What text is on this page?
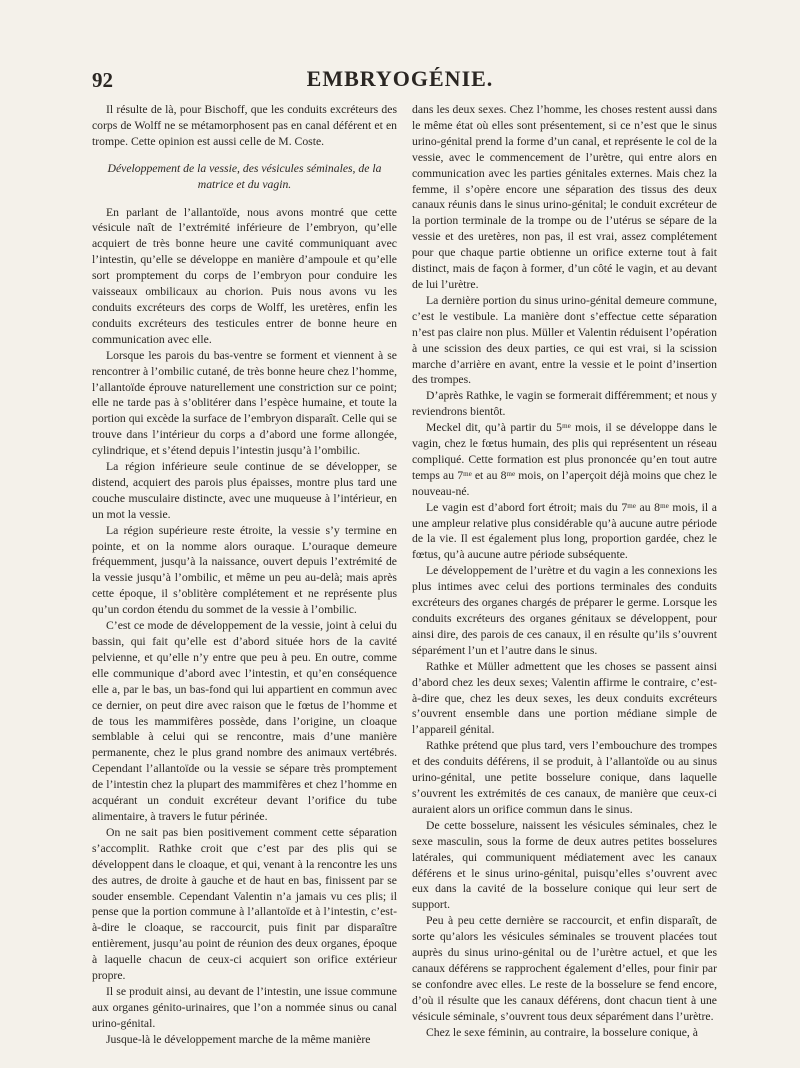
92	EMBRYOGÉNIE.

Il résulte de là, pour Bischoff, que les conduits excréteurs des corps de Wolff ne se métamorphosent pas en canal déférent et en trompe. Cette opinion est aussi celle de M. Coste.

Développement de la vessie, des vésicules séminales, de la matrice et du vagin.

En parlant de l’allantoïde, nous avons montré que cette vésicule naît de l’extrémité inférieure de l’embryon, qu’elle acquiert de très bonne heure une cavité communiquant avec l’intestin, qu’elle se développe en manière d’ampoule et qu’elle sort promptement du corps de l’embryon pour conduire les vaisseaux ombilicaux au chorion. Puis nous avons vu les conduits excréteurs des corps de Wolff, les uretères, enfin les conduits excréteurs des testicules entrer de bonne heure en communication avec elle.

Lorsque les parois du bas-ventre se forment et viennent à se rencontrer à l’ombilic cutané, de très bonne heure chez l’homme, l’allantoïde éprouve naturellement une constriction sur ce point; elle ne tarde pas à s’oblitérer dans l’espèce humaine, et toute la portion qui excède la surface de l’embryon disparaît. Celle qui se trouve dans l’intérieur du corps a d’abord une forme allongée, cylindrique, et s’étend depuis l’intestin jusqu’à l’ombilic.

La région inférieure seule continue de se développer, se distend, acquiert des parois plus épaisses, montre plus tard une couche musculaire distincte, avec une muqueuse à l’intérieur, en un mot la vessie.

La région supérieure reste étroite, la vessie s’y termine en pointe, et on la nomme alors ouraque. L’ouraque demeure fréquemment, jusqu’à la naissance, ouvert depuis l’extrémité de la vessie jusqu’à l’ombilic, et même un peu au-delà; mais après cette époque, il s’oblitère complétement et ne représente plus qu’un cordon étendu du sommet de la vessie à l’ombilic.

C’est ce mode de développement de la vessie, joint à celui du bassin, qui fait qu’elle est d’abord située hors de la cavité pelvienne, et qu’elle n’y entre que peu à peu. En outre, comme elle communique d’abord avec l’intestin, et qu’en conséquence elle a, par le bas, un bas-fond qui lui appartient en commun avec ce dernier, on peut dire avec raison que le fœtus de l’homme et de tous les mammifères possède, dans l’origine, un cloaque semblable à celui qui se rencontre, mais d’une manière permanente, chez le plus grand nombre des animaux vertébrés. Cependant l’allantoïde ou la vessie se sépare très promptement de l’intestin chez la plupart des mammifères et chez l’homme en acquérant un conduit excréteur devant l’orifice du tube alimentaire, à travers le futur périnée.

On ne sait pas bien positivement comment cette séparation s’accomplit. Rathke croit que c’est par des plis qui se développent dans le cloaque, et qui, venant à la rencontre les uns des autres, de droite à gauche et de haut en bas, finissent par se souder ensemble. Cependant Valentin n’a jamais vu ces plis; il pense que la portion commune à l’allantoïde et à l’intestin, c’est-à-dire le cloaque, se raccourcit, puis finit par disparaître entièrement, jusqu’au point de réunion des deux organes, époque à laquelle chacun de ceux-ci acquiert son orifice extérieur propre.

Il se produit ainsi, au devant de l’intestin, une issue commune aux organes génito-urinaires, que l’on a nommée sinus ou canal urino-génital.

Jusque-là le développement marche de la même manière

dans les deux sexes. Chez l’homme, les choses restent aussi dans le même état où elles sont présentement, si ce n’est que le sinus urino-génital prend la forme d’un canal, et représente le col de la vessie, avec le commencement de l’urètre, qui entre alors en communication avec les parties génitales externes. Mais chez la femme, il s’opère encore une séparation des tissus des deux canaux réunis dans le sinus urino-génital; le conduit excréteur de la portion terminale de la trompe ou de l’utérus se sépare de la vessie et des uretères, non pas, il est vrai, assez complétement pour que chaque partie obtienne un orifice externe tout à fait distinct, mais de façon à former, d’un côté le vagin, et au devant de lui l’urètre.

La dernière portion du sinus urino-génital demeure commune, c’est le vestibule. La manière dont s’effectue cette séparation n’est pas claire non plus. Müller et Valentin réduisent l’opération à une scission des deux parties, ce qui est vrai, si la scission marche d’arrière en avant, entre la vessie et le point d’insertion des trompes.

D’après Rathke, le vagin se formerait différemment; et nous y reviendrons bientôt.

Meckel dit, qu’à partir du 5ᵐᵉ mois, il se développe dans le vagin, chez le fœtus humain, des plis qui représentent un réseau compliqué. Cette formation est plus prononcée qu’en tout autre temps au 7ᵐᵉ et au 8ᵐᵉ mois, on l’aperçoit déjà moins que chez le nouveau-né.

Le vagin est d’abord fort étroit; mais du 7ᵐᵉ au 8ᵐᵉ mois, il a une ampleur relative plus considérable qu’à aucune autre période de la vie. Il est également plus long, proportion gardée, chez le fœtus, qu’à aucune autre période subséquente.

Le développement de l’urètre et du vagin a les connexions les plus intimes avec celui des portions terminales des conduits excréteurs des organes chargés de préparer le germe. Lorsque les conduits excréteurs des organes génitaux se développent, pour ainsi dire, des parois de ces canaux, il en résulte qu’ils s’ouvrent séparément l’un et l’autre dans le sinus.

Rathke et Müller admettent que les choses se passent ainsi d’abord chez les deux sexes; Valentin affirme le contraire, c’est-à-dire que, chez les deux sexes, les deux conduits excréteurs s’ouvrent ensemble dans une portion médiane simple de l’appareil génital.

Rathke prétend que plus tard, vers l’embouchure des trompes et des conduits déférens, il se produit, à l’allantoïde ou au sinus urino-génital, une petite bosselure conique, dans laquelle s’ouvrent les extrémités de ces canaux, de manière que ceux-ci auraient alors un orifice commun dans le sinus.

De cette bosselure, naissent les vésicules séminales, chez le sexe masculin, sous la forme de deux autres petites bosselures latérales, qui communiquent médiatement avec les canaux déférens et le sinus urino-génital, puisqu’elles s’ouvrent avec eux dans la cavité de la bosselure conique qui leur sert de support.

Peu à peu cette dernière se raccourcit, et enfin disparaît, de sorte qu’alors les vésicules séminales se trouvent placées tout auprès du sinus urino-génital ou de l’urètre actuel, et que les canaux déférens se rapprochent également d’elles, pour finir par se confondre avec elles. Le reste de la bosselure se fend encore, d’où il résulte que les canaux déférens, dont chacun tient à une vésicule séminale, s’ouvrent tous deux séparément dans l’urètre.

Chez le sexe féminin, au contraire, la bosselure conique, à
